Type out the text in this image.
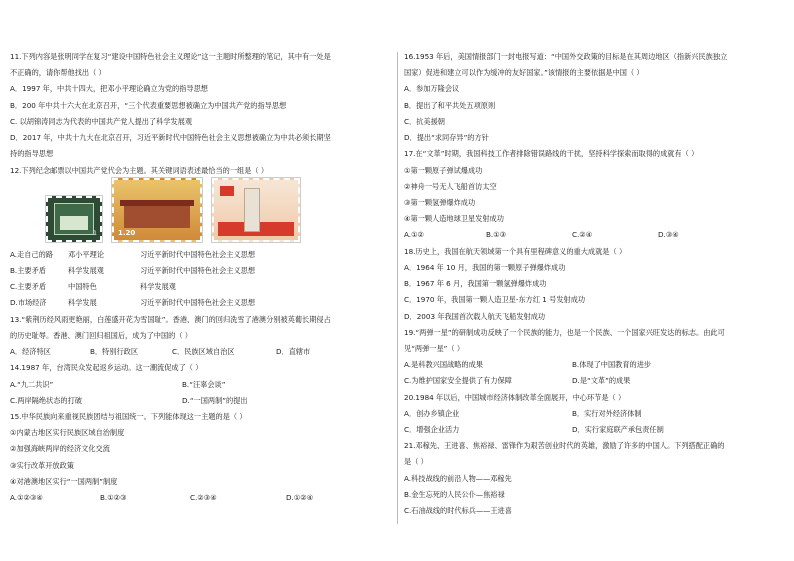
11.下列内容是张明同学在复习“建设中国特色社会主义理论”这一主题时所整理的笔记，其中有一处是
不正确的，请你帮他找出（ ）
A．1997 年，中共十四大，把邓小平理论确立为党的指导思想
B．200 年中共十六大在北京召开，“三个代表重要思想被确立为中国共产党的指导思想
C. 以胡锦涛同志为代表的中国共产党人提出了科学发展观
D．2017 年，中共十九大在北京召开，习近平新时代中国特色社会主义思想被确立为中共必须长期坚
持的指导思想
12.下列纪念邮票以中国共产党代会为主题。其关键词语表述最恰当的一组是（ ）
1	1.20
A.走自己的路	邓小平理论	习近平新时代中国特色社会主义思想
B.主要矛盾	科学发展观	习近平新时代中国特色社会主义思想
C.主要矛盾	中国特色	科学发展观
D.市场经济	科学发展	习近平新时代中国特色社会主义思想
13.“紫荆历经风雨更艳丽，白莲盛开花为雪国耻”。香港、澳门的回归洗雪了港澳分别被英葡长期侵占
的历史耻辱。香港、澳门回归祖国后，成为了中国的（ ）
A．经济特区	B．特别行政区	C．民族区域自治区	D．直辖市
14.1987 年，台湾民众发起返乡运动。这一潮流促成了（ ）
A.“九二共识”	B.“汪辜会谈”
C.两岸隔绝状态的打破	D.“一国两制”的提出
15.中华民族向来重视民族团结与祖国统一。下列能体现这一主题的是（ ）
①内蒙古地区实行民族区域自治制度
②加强海峡两岸的经济文化交流
③实行改革开放政策
④对港澳地区实行“一国两制”制度
A.①②③④	B.①②③	C.②③④	D.①②④
16.1953 年后，美国情报部门一封电报写道：“中国外交政策的目标是在其周边地区（指新兴民族独立
国家）促进和建立可以作为缓冲的友好国家。”该情报的主要依据是中国（ ）
A．参加万隆会议
B．提出了和平共处五项原则
C．抗美援朝
D．提出“求同存异”的方针
17.在“文革”时期，我国科技工作者排除错误路线的干扰，坚持科学探索而取得的成就有（ ）
①第一颗原子弹试爆成功
②神舟一号无人飞船首访太空
③第一颗氢弹爆炸成功
④第一颗人造地球卫星发射成功
A.①②	B.①③	C.②④	D.③④
18.历史上，我国在航天领域第一个具有里程碑意义的重大成就是（ ）
A．1964 年 10 月，我国的第一颗原子弹爆炸成功
B．1967 年 6 月，我国第一颗氢弹爆炸成功
C．1970 年，我国第一颗人造卫星-东方红 1 号发射成功
D．2003 年我国首次载人航天飞船发射成功
19.“两弹一星”的研制成功反映了一个民族的能力，也是一个民族、一个国家兴旺发达的标志。由此可
见“两弹一星”（ ）
A.是科教兴国战略的成果	B.体现了中国教育的进步
C.为维护国家安全提供了有力保障	D.是“文革”的成果
20.1984 年以后，中国城市经济体制改革全面展开，中心环节是（ ）
A．创办乡镇企业	B．实行对外经济体制
C．增强企业活力	D．实行家庭联产承包责任制
21.邓稼先、王进喜、焦裕禄、雷锋作为艰苦创业时代的英雄，激励了许多的中国人。下列搭配正确的
是（ ）
A.科技战线的前沿人物——邓稼先
B.金生忘死的人民公仆—焦裕禄
C.石油战线的时代标兵——王进喜
